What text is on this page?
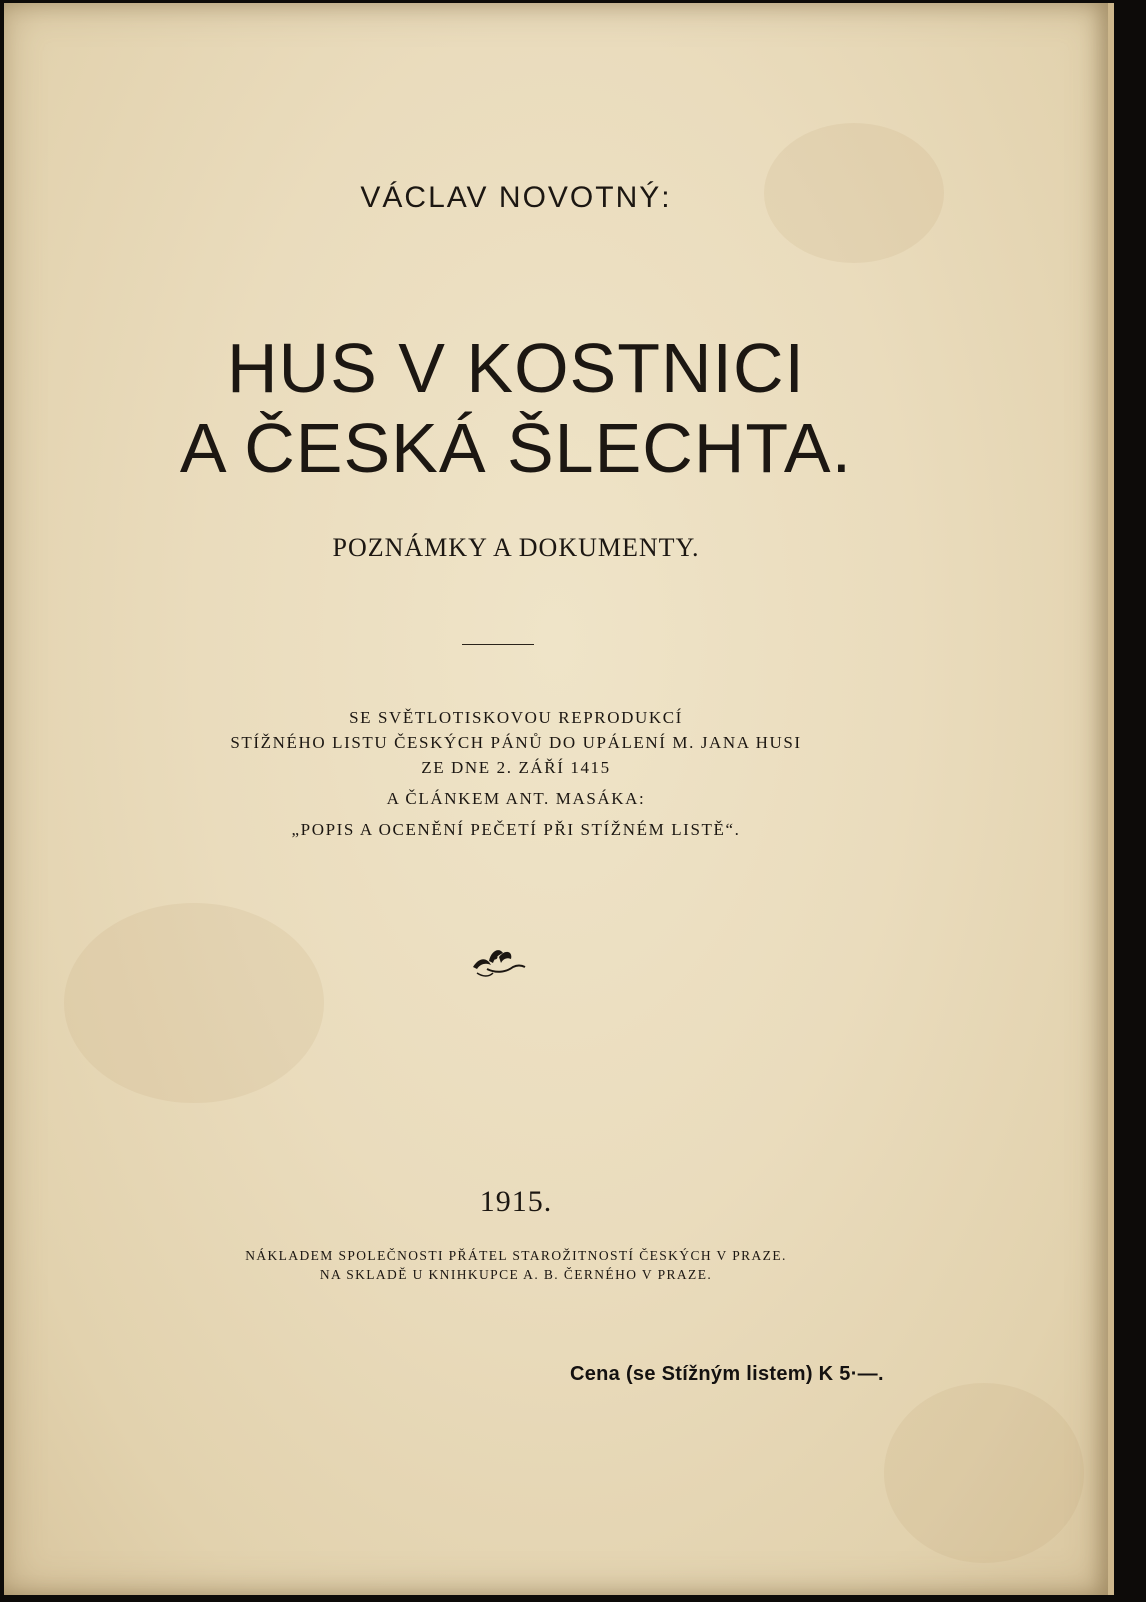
VÁCLAV NOVOTNÝ:
HUS V KOSTNICI
A ČESKÁ ŠLECHTA.
POZNÁMKY A DOKUMENTY.
SE SVĚTLOTISKOVOU REPRODUKCÍ
STÍŽNÉHO LISTU ČESKÝCH PÁNŮ DO UPÁLENÍ M. JANA HUSI
ZE DNE 2. ZÁŘÍ 1415
A ČLÁNKEM ANT. MASÁKA:
„POPIS A OCENĚNÍ PEČETÍ PŘI STÍŽNÉM LISTĚ“.
1915.
NÁKLADEM SPOLEČNOSTI PŘÁTEL STAROŽITNOSTÍ ČESKÝCH V PRAZE.
NA SKLADĚ U KNIHKUPCE A. B. ČERNÉHO V PRAZE.
Cena (se Stížným listem) K 5·—.
